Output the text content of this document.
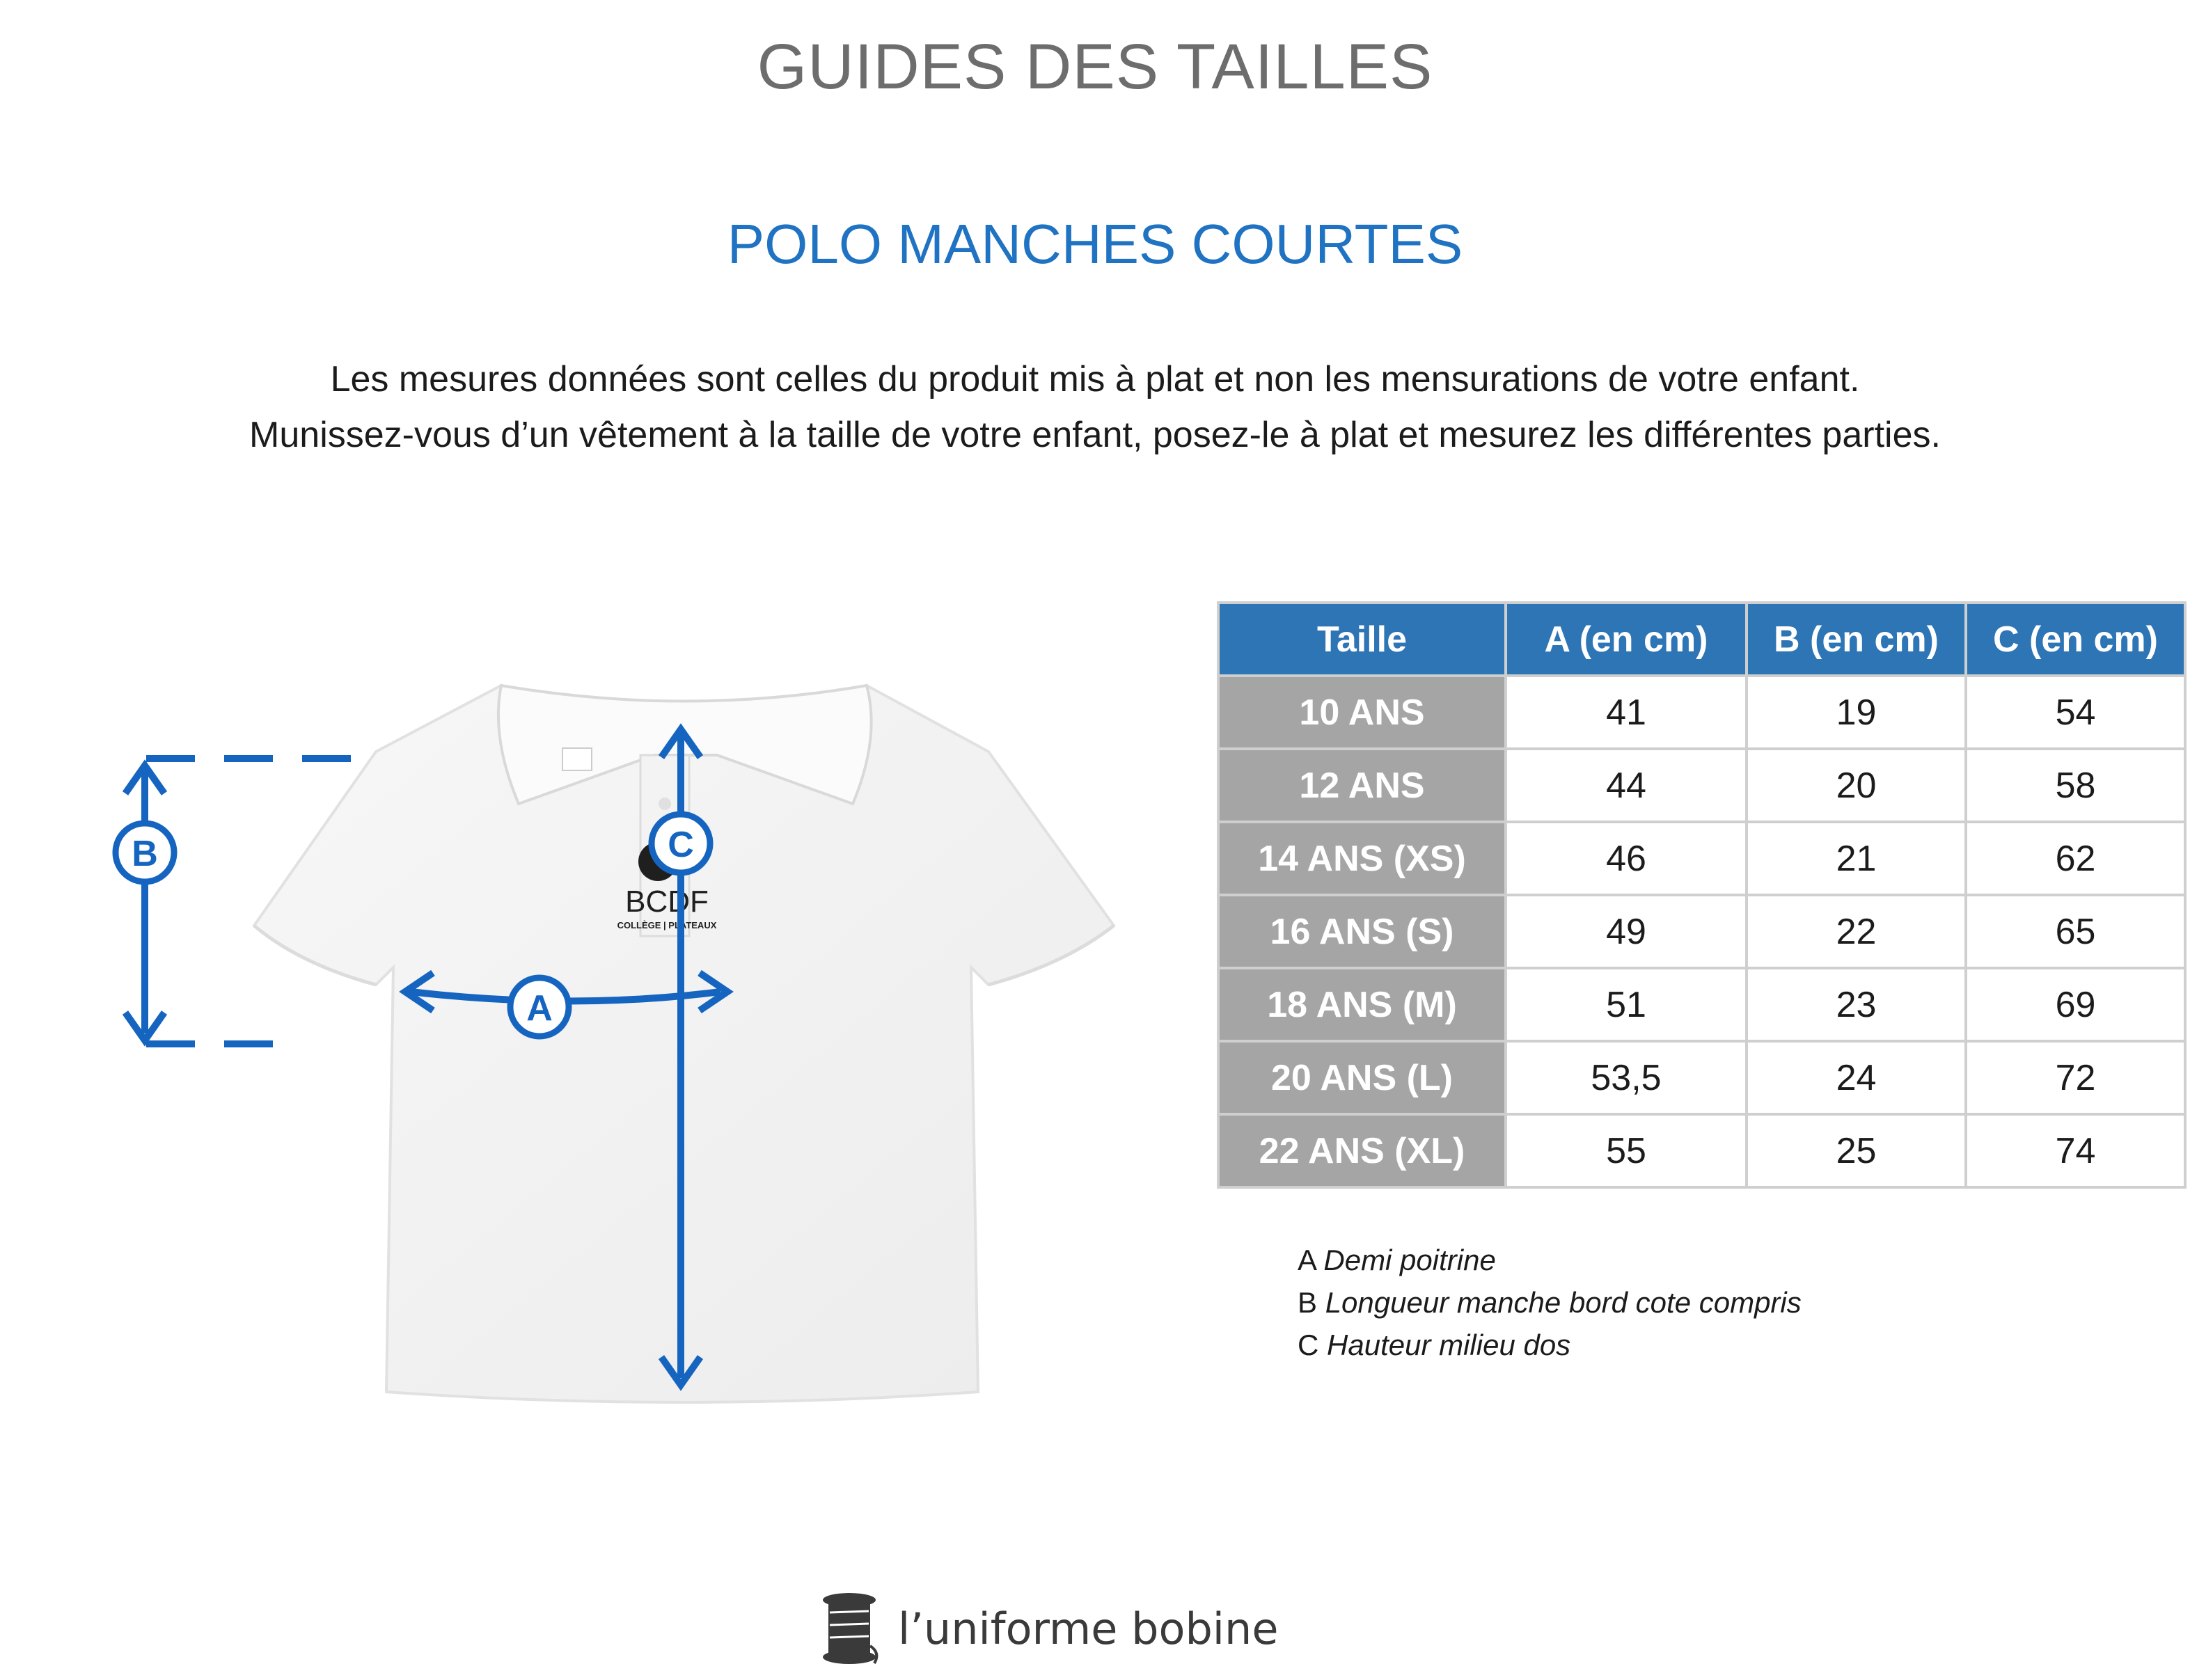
GUIDES DES TAILLES
POLO MANCHES COURTES
Les mesures données sont celles du produit mis à plat et non les mensurations de votre enfant.
Munissez-vous d’un vêtement à la taille de votre enfant, posez-le à plat et mesurez les différentes parties.
BCDF
COLLÈGE | PLATEAUX
B
A
C
Taille	A (en cm)	B (en cm)	C (en cm)
10 ANS	41	19	54
12 ANS	44	20	58
14 ANS (XS)	46	21	62
16 ANS (S)	49	22	65
18 ANS (M)	51	23	69
20 ANS (L)	53,5	24	72
22 ANS (XL)	55	25	74
A Demi poitrine
B Longueur manche bord cote compris
C Hauteur milieu dos
l’uniforme bobine
